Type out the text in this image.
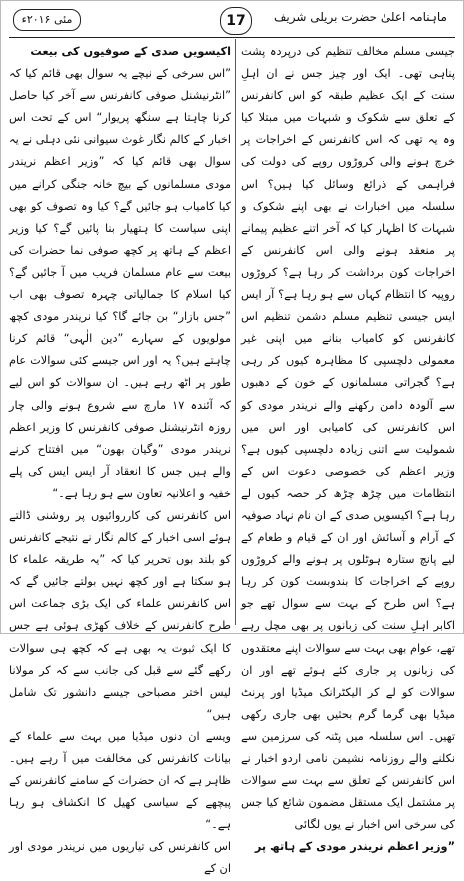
ماہنامہ اعلیٰ حضرت بریلی شریف
17
مئی ۲۰۱۶ء

جیسی مسلم مخالف تنظیم کی درپردہ پشت پناہی تھی۔ ایک اور چیز جس نے ان اہلِ سنت کے ایک عظیم طبقہ کو اس کانفرنس کے تعلق سے شکوک و شبہات میں مبتلا کیا وہ یہ تھی کہ اس کانفرنس کے اخراجات پر خرچ ہونے والی کروڑوں روپے کی دولت کی فراہمی کے ذرائع وسائل کیا ہیں؟ اس سلسلہ میں اخبارات نے بھی اپنے شکوک و شبہات کا اظہار کیا کہ آخر اتنے عظیم پیمانے پر منعقد ہونے والی اس کانفرنس کے اخراجات کون برداشت کر رہا ہے؟ کروڑوں روپیہ کا انتظام کہاں سے ہو رہا ہے؟ آر ایس ایس جیسی تنظیم مسلم دشمن تنظیم اس کانفرنس کو کامیاب بنانے میں اپنی غیر معمولی دلچسپی کا مظاہرہ کیوں کر رہی ہے؟ گجراتی مسلمانوں کے خون کے دھبوں سے آلودہ دامن رکھنے والے نریندر مودی کو اس کانفرنس کی کامیابی اور اس میں شمولیت سے اتنی زیادہ دلچسپی کیوں ہے؟ وزیر اعظم کی خصوصی دعوت اس کے انتظامات میں چڑھ چڑھ کر حصہ کیوں لے رہا ہے؟ اکیسویں صدی کے ان نام نہاد صوفیہ کے آرام و آسائش اور ان کے قیام و طعام کے لیے پانچ ستارہ ہوٹلوں پر ہونے والے کروڑوں روپے کے اخراجات کا بندوبست کون کر رہا ہے؟ اس طرح کے بہت سے سوال تھے جو اکابر اہلِ سنت کی زبانوں پر بھی مچل رہے تھے، عوام بھی بہت سے سوالات اپنے معتقدوں کی زبانوں پر جاری کئے ہوئے تھے اور ان سوالات کو لے کر الیکٹرانک میڈیا اور پرنٹ میڈیا بھی گرما گرم بحثیں بھی جاری رکھی تھیں۔ اس سلسلہ میں پٹنہ کی سرزمین سے نکلنے والے روزنامہ نشیمن نامی اردو اخبار نے اس کانفرنس کے تعلق سے بہت سے سوالات پر مشتمل ایک مستقل مضمون شائع کیا جس کی سرخی اس اخبار نے یوں لگائی

”وزیر اعظم نریندر مودی کے ہاتھ پر

اکیسویں صدی کے صوفیوں کی بیعت

”اس سرخی کے نیچے یہ سوال بھی قائم کیا کہ ”انٹرنیشنل صوفی کانفرنس سے آخر کیا حاصل کرنا چاہتا ہے سنگھ پریوار“ اس کے تحت اس اخبار کے کالم نگار غوث سیوانی نئی دہلی نے یہ سوال بھی قائم کیا کہ ”وزیر اعظم نریندر مودی مسلمانوں کے بیچ خانہ جنگی کرانے میں کیا کامیاب ہو جائیں گے؟ کیا وہ تصوف کو بھی اپنی سیاست کا ہتھیار بنا پائیں گے؟ کیا وزیر اعظم کے ہاتھ پر کچھ صوفی نما حضرات کی بیعت سے عام مسلمان فریب میں آ جائیں گے؟ کیا اسلام کا جمالیاتی چہرہ تصوف بھی اب ”جس بازار“ بن جائے گا؟ کیا نریندر مودی کچھ مولویوں کے سہارے ”دین الٰہی“ قائم کرنا چاہتے ہیں؟ یہ اور اس جیسے کئی سوالات عام طور پر اٹھ رہے ہیں۔ ان سوالات کو اس لیے کہ آئندہ ۱۷ مارچ سے شروع ہونے والی چار روزہ انٹرنیشنل صوفی کانفرنس کا وزیر اعظم نریندر مودی ”وگیان بھون“ میں افتتاح کرنے والے ہیں جس کا انعقاد آر ایس ایس کی پلے خفیہ و اعلانیہ تعاون سے ہو رہا ہے۔“

اس کانفرنس کی کارروائیوں پر روشنی ڈالتے ہوئے اسی اخبار کے کالم نگار نے نتیجے کانفرنس کو بلند بوں تحریر کیا کہ ”یہ طریقہ علماء کا ہو سکتا ہے اور کچھ نہیں بولتے جائیں گے کہ اس کانفرنس علماء کی ایک بڑی جماعت اس طرح کانفرنس کے خلاف کھڑی ہوئی ہے جس کا ایک ثبوت یہ بھی ہے کہ کچھ ہی سوالات رکھے گئے سے قبل کی جانب سے کہ کر مولانا لیس اختر مصباحی جیسے دانشور تک شامل ہیں“

ویسے ان دنوں میڈیا میں بہت سے علماء کے بیانات کانفرنس کی مخالفت میں آ رہے ہیں۔ ظاہر ہے کہ ان حضرات کے سامنے کانفرنس کے پیچھے کے سیاسی کھیل کا انکشاف ہو رہا ہے۔“

اس کانفرنس کی تیاریوں میں نریندر مودی اور ان کے
